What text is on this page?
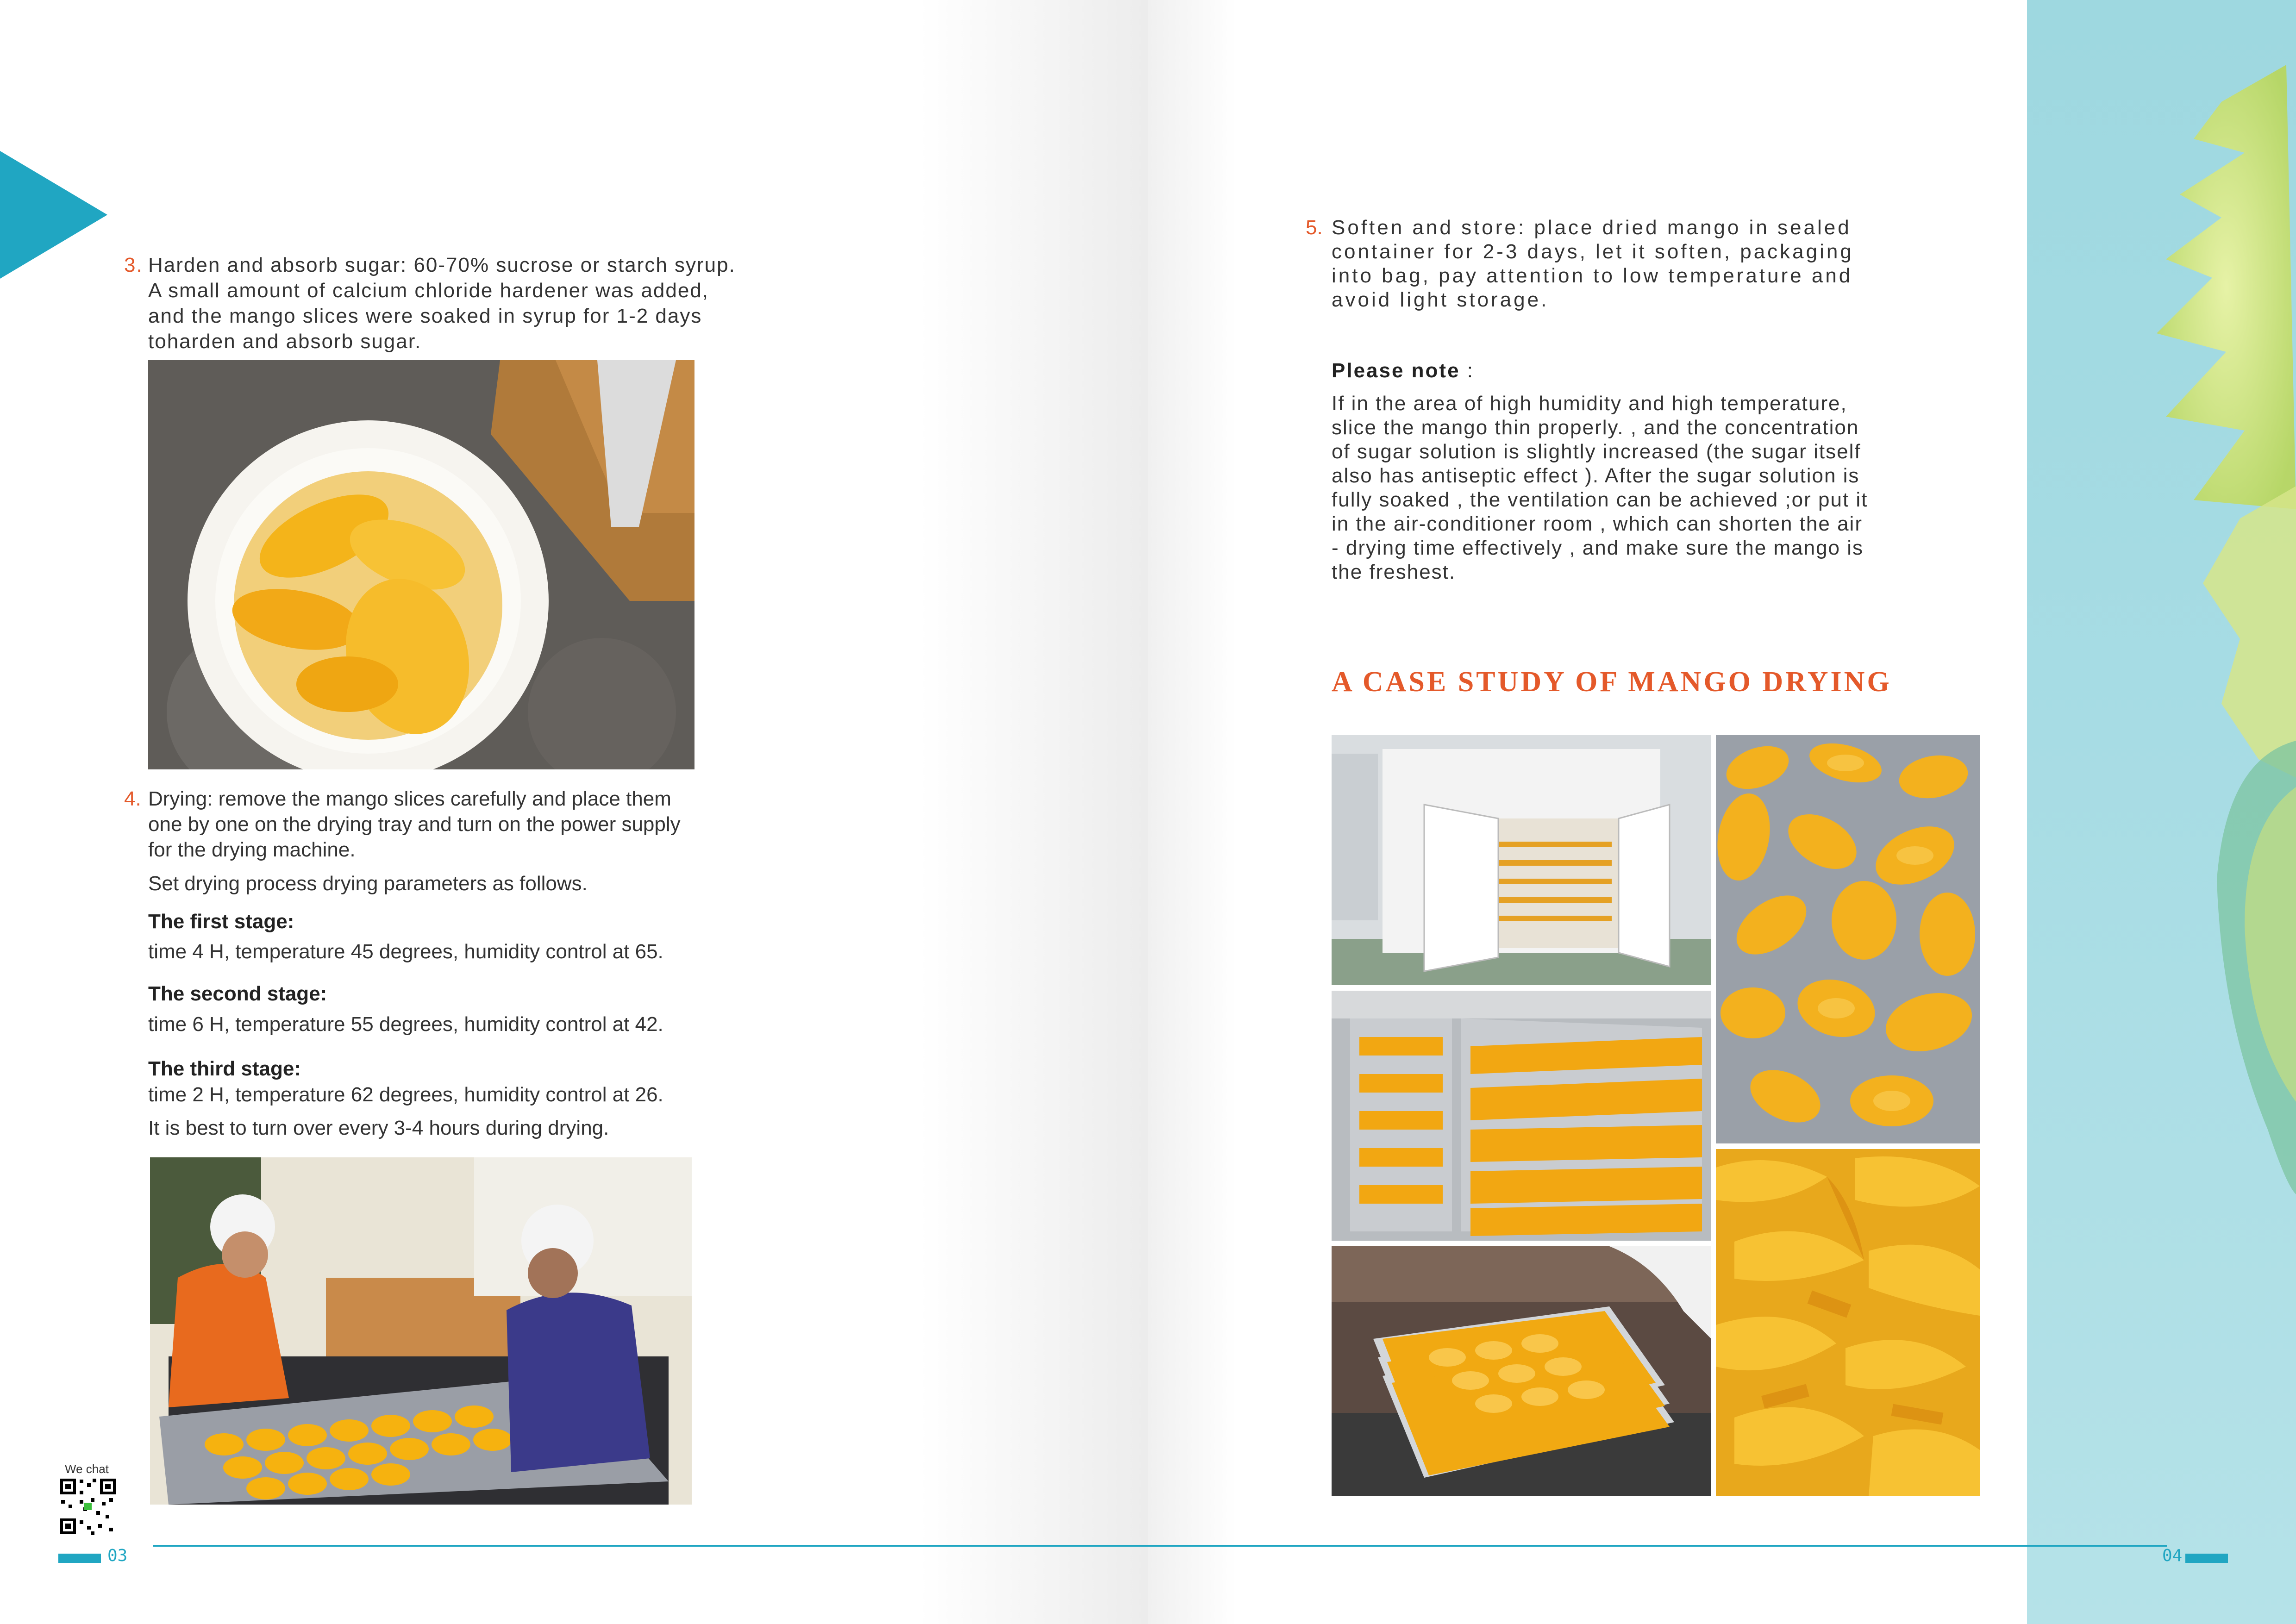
3. Harden and absorb sugar: 60-70% sucrose or starch syrup.
A small amount of calcium chloride hardener was added,
and the mango slices were soaked in syrup for 1-2 days
toharden and absorb sugar.
4. Drying: remove the mango slices carefully and place them
one by one on the drying tray and turn on the power supply
for the drying machine.
Set drying process drying parameters as follows.
The first stage:
time 4 H, temperature 45 degrees, humidity control at 65.
The second stage:
time 6 H, temperature 55 degrees, humidity control at 42.
The third stage:
time 2 H, temperature 62 degrees, humidity control at 26.
It is best to turn over every 3-4 hours during drying.
We chat
5. Soften and store: place dried mango in sealed
container for 2-3 days, let it soften, packaging
into bag, pay attention to low temperature and
avoid light storage.
Please note :
If in the area of high humidity and high temperature,
slice the mango thin properly. , and the concentration
of sugar solution is slightly increased (the sugar itself
also has antiseptic effect ). After the sugar solution is
fully soaked , the ventilation can be achieved ;or put it
in the air-conditioner room , which can shorten the air
- drying time effectively , and make sure the mango is
the freshest.
A CASE STUDY OF MANGO DRYING
03	04
